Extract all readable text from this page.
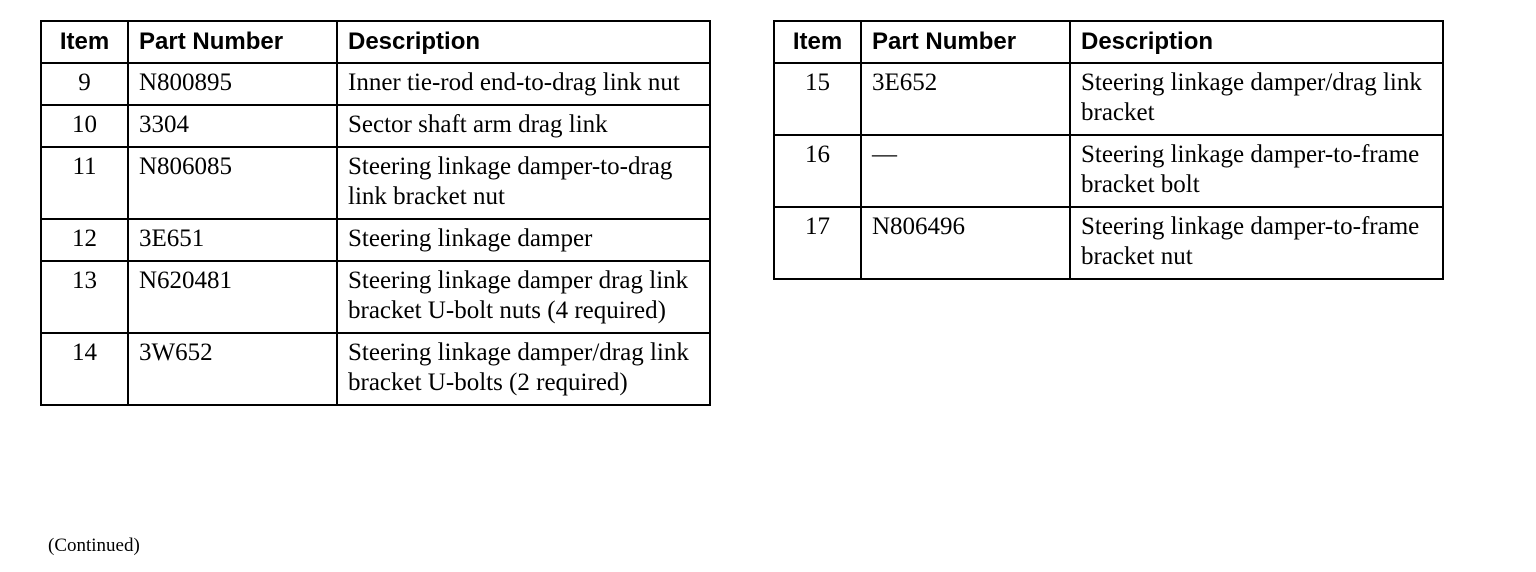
Item	Part Number	Description
9	N800895	Inner tie-rod end-to-drag link nut
10	3304	Sector shaft arm drag link
11	N806085	Steering linkage damper-to-drag link bracket nut
12	3E651	Steering linkage damper
13	N620481	Steering linkage damper drag link bracket U-bolt nuts (4 required)
14	3W652	Steering linkage damper/drag link bracket U-bolts (2 required)
Item	Part Number	Description
15	3E652	Steering linkage damper/drag link bracket
16	—	Steering linkage damper-to-frame bracket bolt
17	N806496	Steering linkage damper-to-frame bracket nut
(Continued)
